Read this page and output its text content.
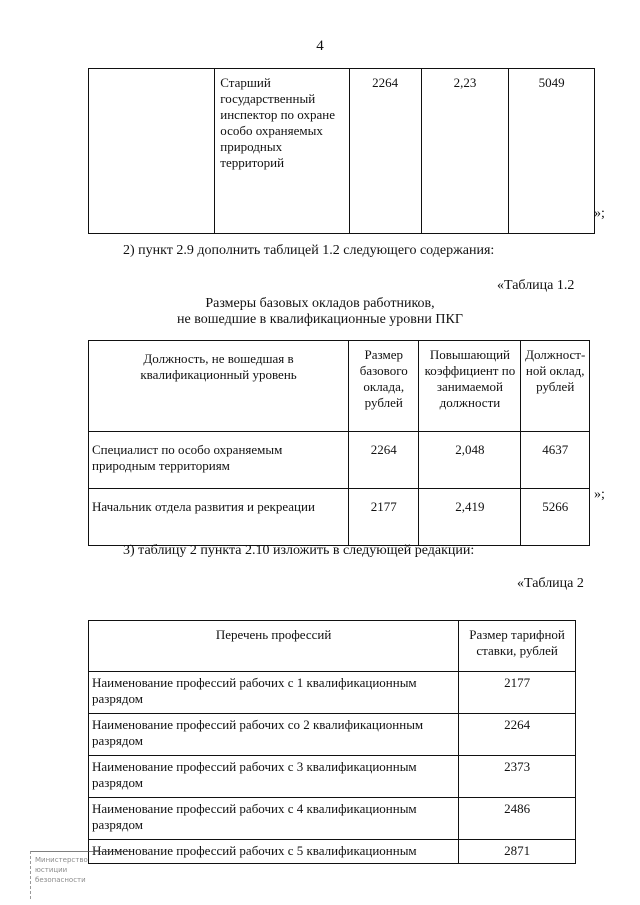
4
	Старший государственный инспектор по охране особо охраняемых природных территорий	2264	2,23	5049
»;
2) пункт 2.9 дополнить таблицей 1.2 следующего содержания:
«Таблица 1.2
Размеры базовых окладов работников,
не вошедшие в квалификационные уровни ПКГ
Должность, не вошедшая в квалификационный уровень	Размер базового оклада, рублей	Повышающий коэффициент по занимаемой должности	Должност-ной оклад, рублей
Специалист по особо охраняемым природным территориям	2264	2,048	4637
Начальник отдела развития и рекреации	2177	2,419	5266
»;
3) таблицу 2 пункта 2.10 изложить в следующей редакции:
«Таблица 2
Перечень профессий	Размер тарифной ставки, рублей
Наименование профессий рабочих с 1 квалификационным разрядом	2177
Наименование профессий рабочих со 2 квалификационным разрядом	2264
Наименование профессий рабочих с 3 квалификационным разрядом	2373
Наименование профессий рабочих с 4 квалификационным разрядом	2486
Наименование профессий рабочих с 5 квалификационным	2871
Министерство
юстиции
безопасности
